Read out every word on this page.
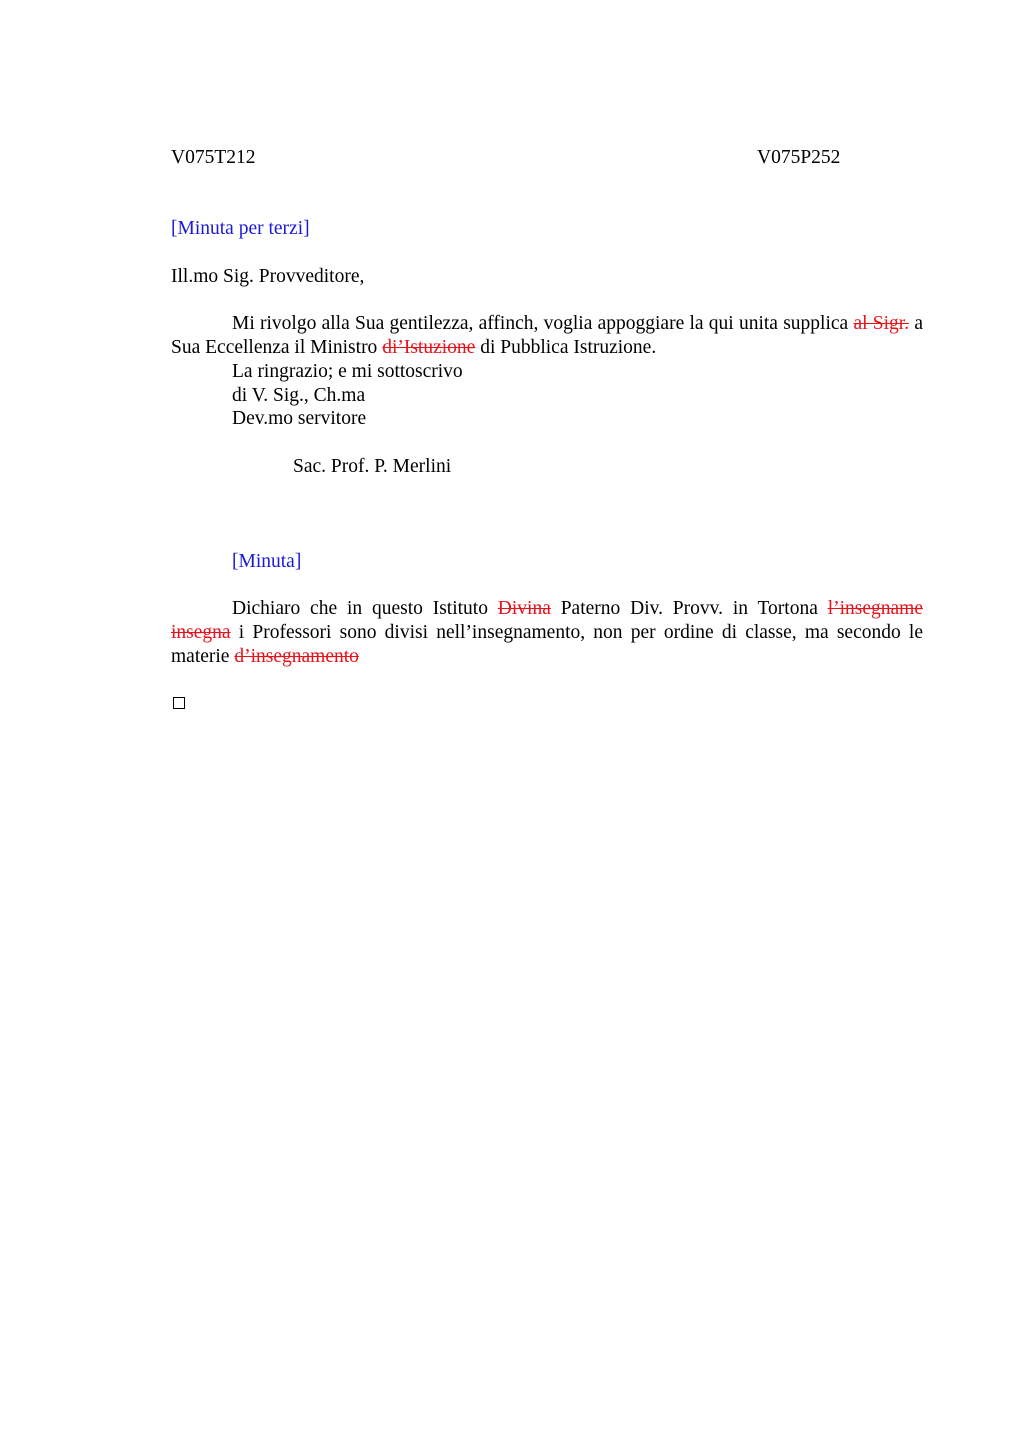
V075T212	V075P252
[Minuta per terzi]
Ill.mo Sig. Provveditore,
Mi rivolgo alla Sua gentilezza, affinch, voglia appoggiare la qui unita supplica al Sigr. a Sua Eccellenza il Ministro di’Istuzione di Pubblica Istruzione.
La ringrazio; e mi sottoscrivo
di V. Sig., Ch.ma
Dev.mo servitore
Sac. Prof. P. Merlini
[Minuta]
Dichiaro che in questo Istituto Divina Paterno Div. Provv. in Tortona l’insegname insegna i Professori sono divisi nell’insegnamento, non per ordine di classe, ma secondo le materie d’insegnamento
